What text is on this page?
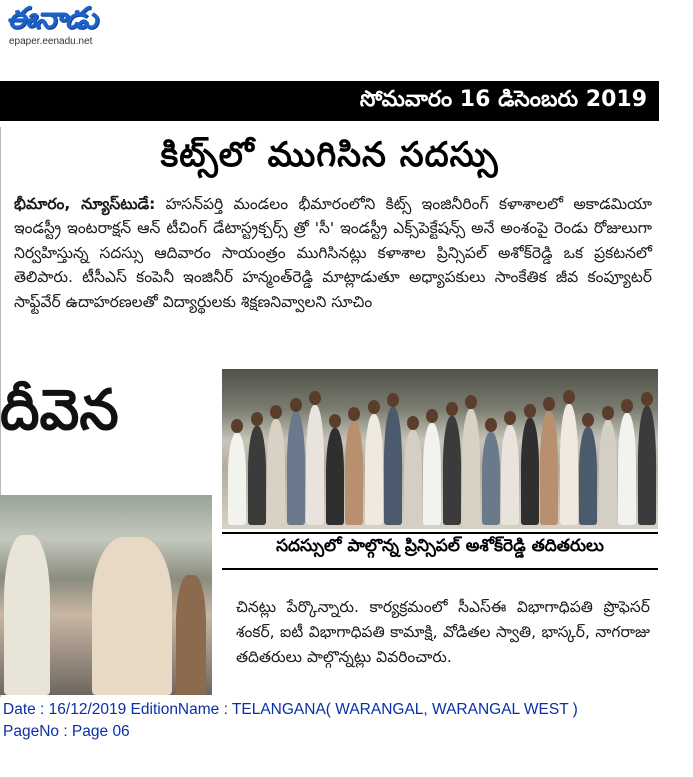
ఈనాడు
epaper.eenadu.net
సోమవారం 16 డిసెంబరు 2019
కిట్స్‌లో ముగిసిన సదస్సు
భీమారం, న్యూస్‌టుడే: హసన్‌పర్తి మండలం భీమారంలోని కిట్స్ ఇంజినీరింగ్ కళాశాలలో అకాడమియా ఇండస్ట్రీ ఇంటరాక్షన్ ఆన్ టీచింగ్ డేటాస్ట్రక్చర్స్ త్రో 'సీ' ఇండస్ట్రీ ఎక్స్‌పెక్టేషన్స్ అనే అంశంపై రెండు రోజులుగా నిర్వహిస్తున్న సదస్సు ఆదివారం సాయంత్రం ముగిసినట్లు కళాశాల ప్రిన్సిపల్ అశోక్‌రెడ్డి ఒక ప్రకటనలో తెలిపారు. టీసీఎస్ కంపెనీ ఇంజినీర్ హన్మంత్‌రెడ్డి మాట్లాడుతూ అధ్యాపకులు సాంకేతిక జీవ కంప్యూటర్ సాఫ్ట్‌వేర్ ఉదాహరణలతో విద్యార్థులకు శిక్షణనివ్వాలని సూచిం
దీవెన
సదస్సులో పాల్గొన్న ప్రిన్సిపల్ అశోక్‌రెడ్డి తదితరులు
చినట్లు పేర్కొన్నారు. కార్యక్రమంలో సీఎస్ఈ విభాగాధిపతి ప్రొఫెసర్ శంకర్, ఐటీ విభాగాధిపతి కామాక్షి, వోడితల స్వాతి, భాస్కర్, నాగరాజు తదితరులు పాల్గొన్నట్లు వివరించారు.
Date : 16/12/2019 EditionName : TELANGANA( WARANGAL, WARANGAL WEST )
PageNo : Page 06
